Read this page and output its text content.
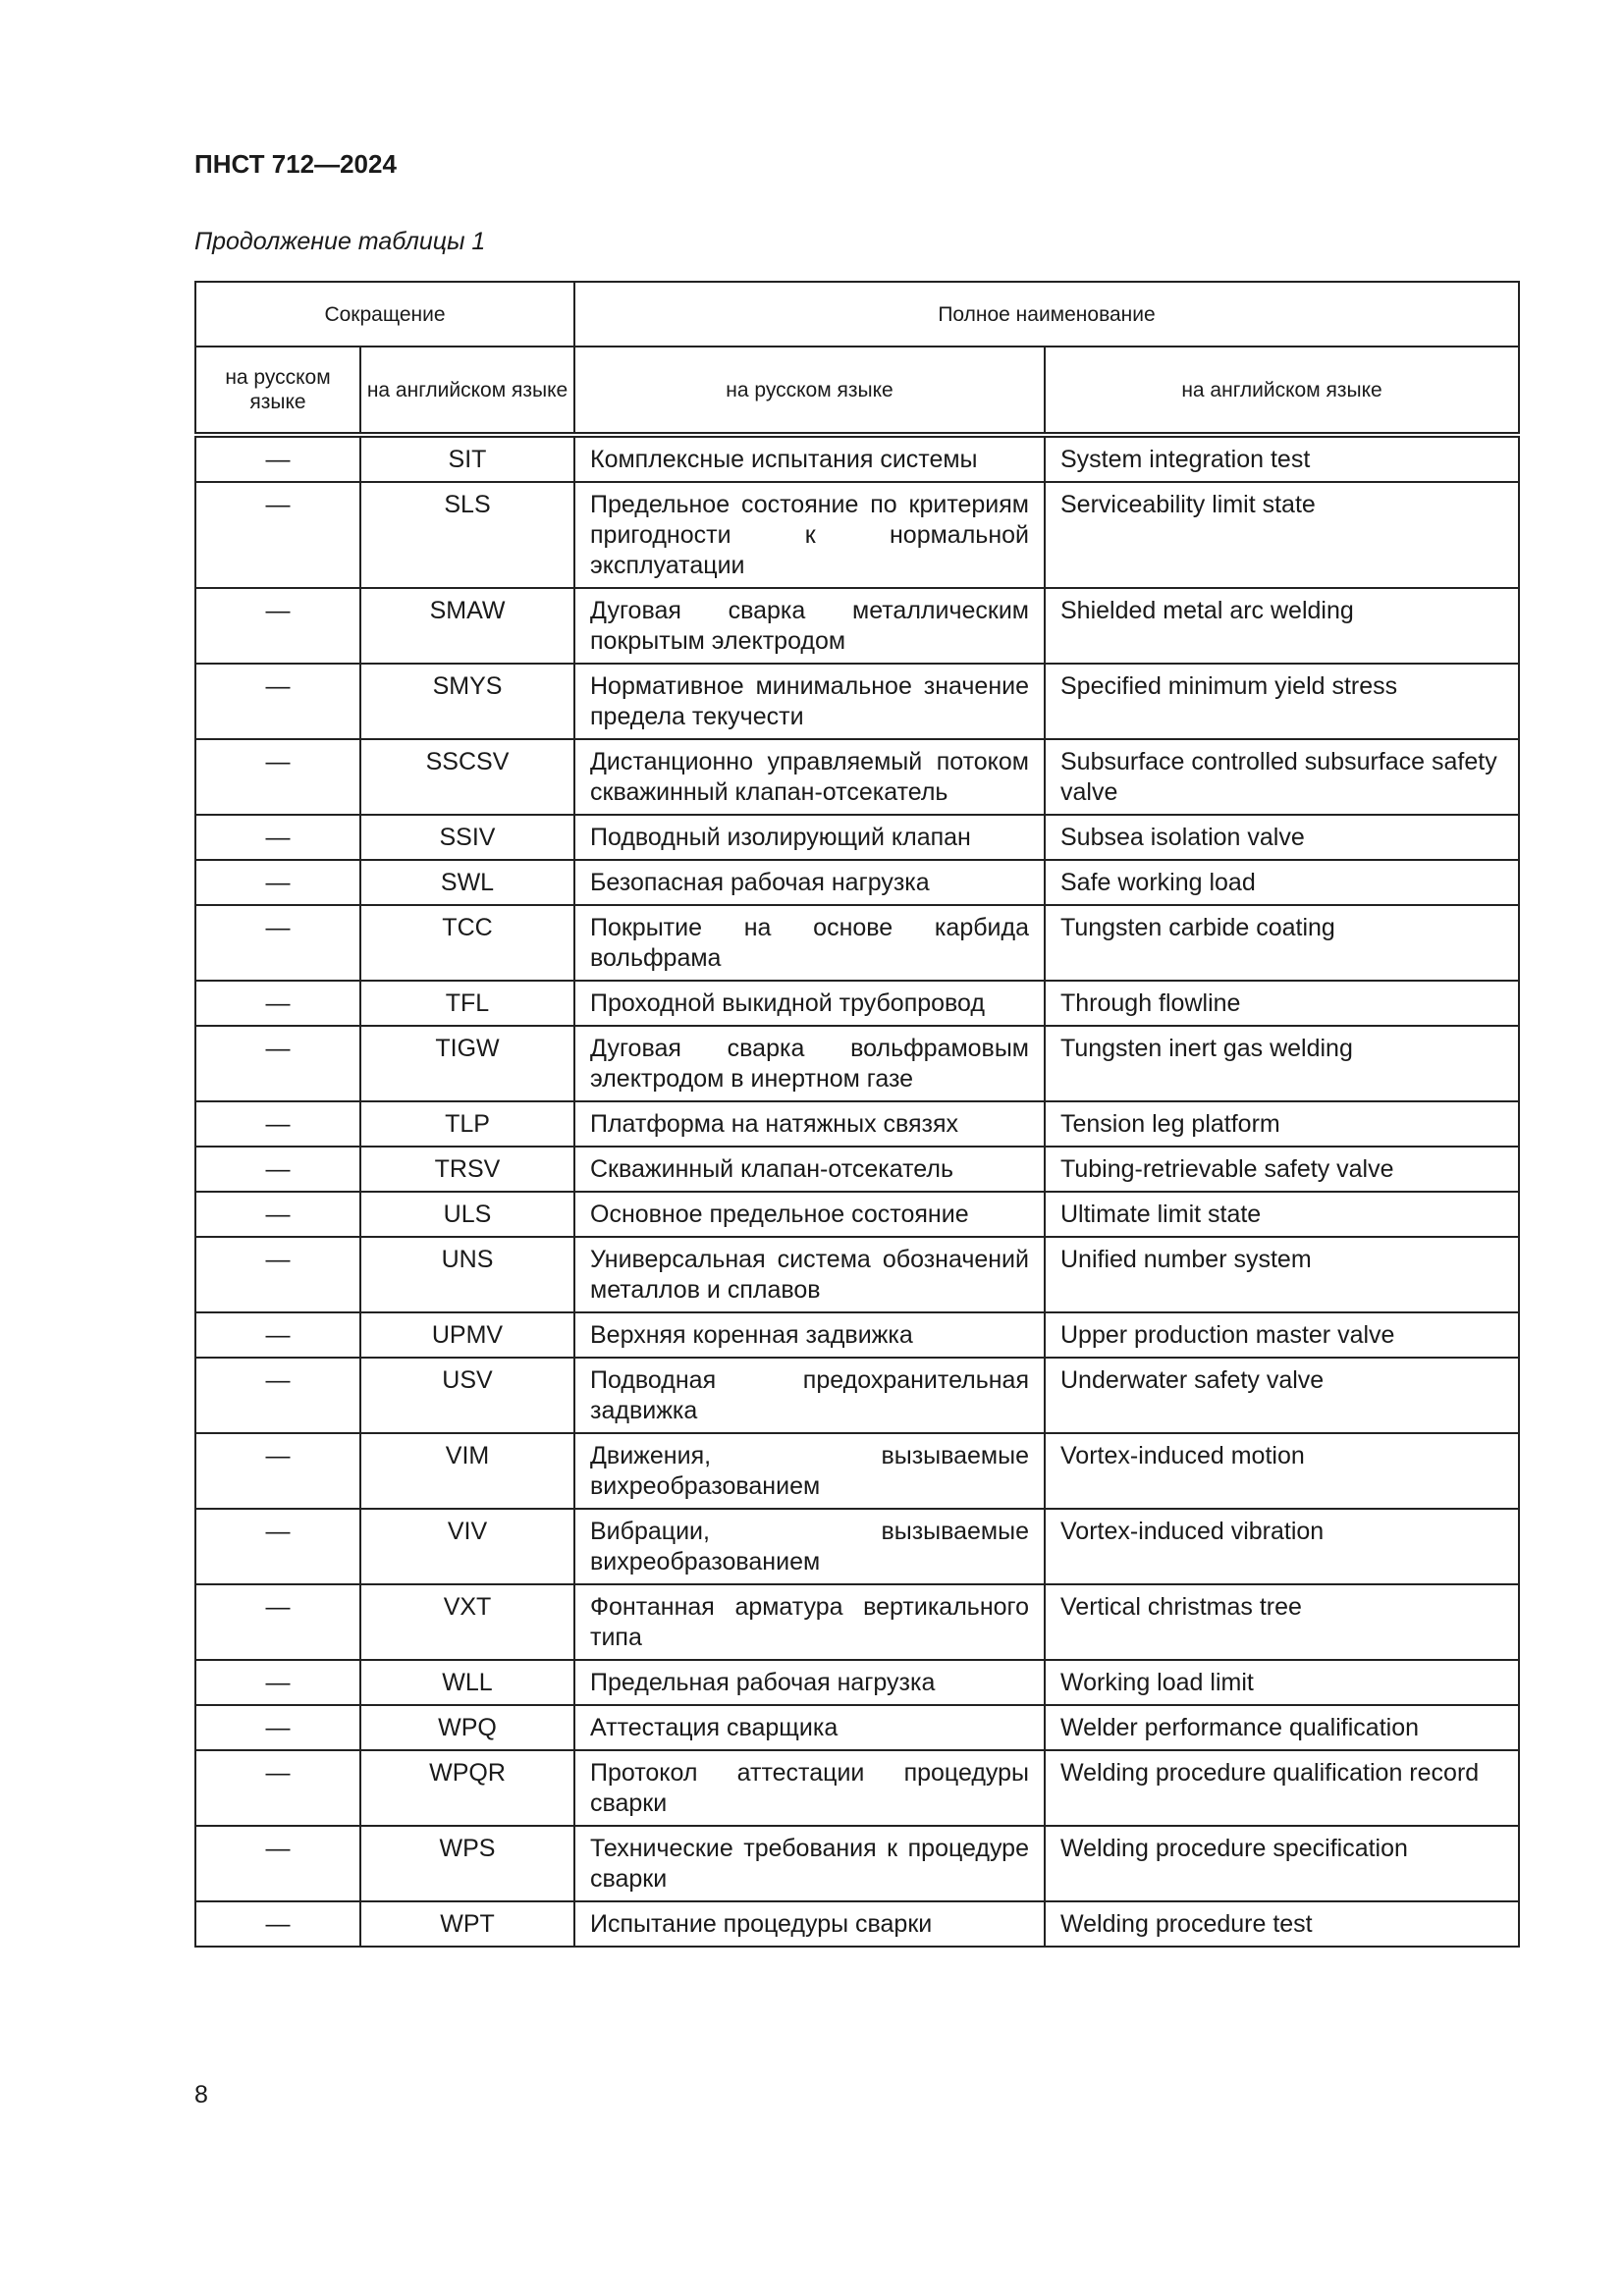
ПНСТ 712—2024
Продолжение таблицы 1
Сокращение		Полное наименование	
на русском языке	на английском языке	на русском языке	на английском языке
—	SIT	Комплексные испытания системы	System integration test
—	SLS	Предельное состояние по критериям пригодности к нормальной эксплуатации	Serviceability limit state
—	SMAW	Дуговая сварка металлическим покрытым электродом	Shielded metal arc welding
—	SMYS	Нормативное минимальное значение предела текучести	Specified minimum yield stress
—	SSCSV	Дистанционно управляемый потоком скважинный клапан-отсекатель	Subsurface controlled subsurface safety valve
—	SSIV	Подводный изолирующий клапан	Subsea isolation valve
—	SWL	Безопасная рабочая нагрузка	Safe working load
—	TCC	Покрытие на основе карбида вольфрама	Tungsten carbide coating
—	TFL	Проходной выкидной трубопровод	Through flowline
—	TIGW	Дуговая сварка вольфрамовым электродом в инертном газе	Tungsten inert gas welding
—	TLP	Платформа на натяжных связях	Tension leg platform
—	TRSV	Скважинный клапан-отсекатель	Tubing-retrievable safety valve
—	ULS	Основное предельное состояние	Ultimate limit state
—	UNS	Универсальная система обозначений металлов и сплавов	Unified number system
—	UPMV	Верхняя коренная задвижка	Upper production master valve
—	USV	Подводная предохранительная задвижка	Underwater safety valve
—	VIM	Движения, вызываемые вихреобразованием	Vortex-induced motion
—	VIV	Вибрации, вызываемые вихреобразованием	Vortex-induced vibration
—	VXT	Фонтанная арматура вертикального типа	Vertical christmas tree
—	WLL	Предельная рабочая нагрузка	Working load limit
—	WPQ	Аттестация сварщика	Welder performance qualification
—	WPQR	Протокол аттестации процедуры сварки	Welding procedure qualification record
—	WPS	Технические требования к процедуре сварки	Welding procedure specification
—	WPT	Испытание процедуры сварки	Welding procedure test
8
